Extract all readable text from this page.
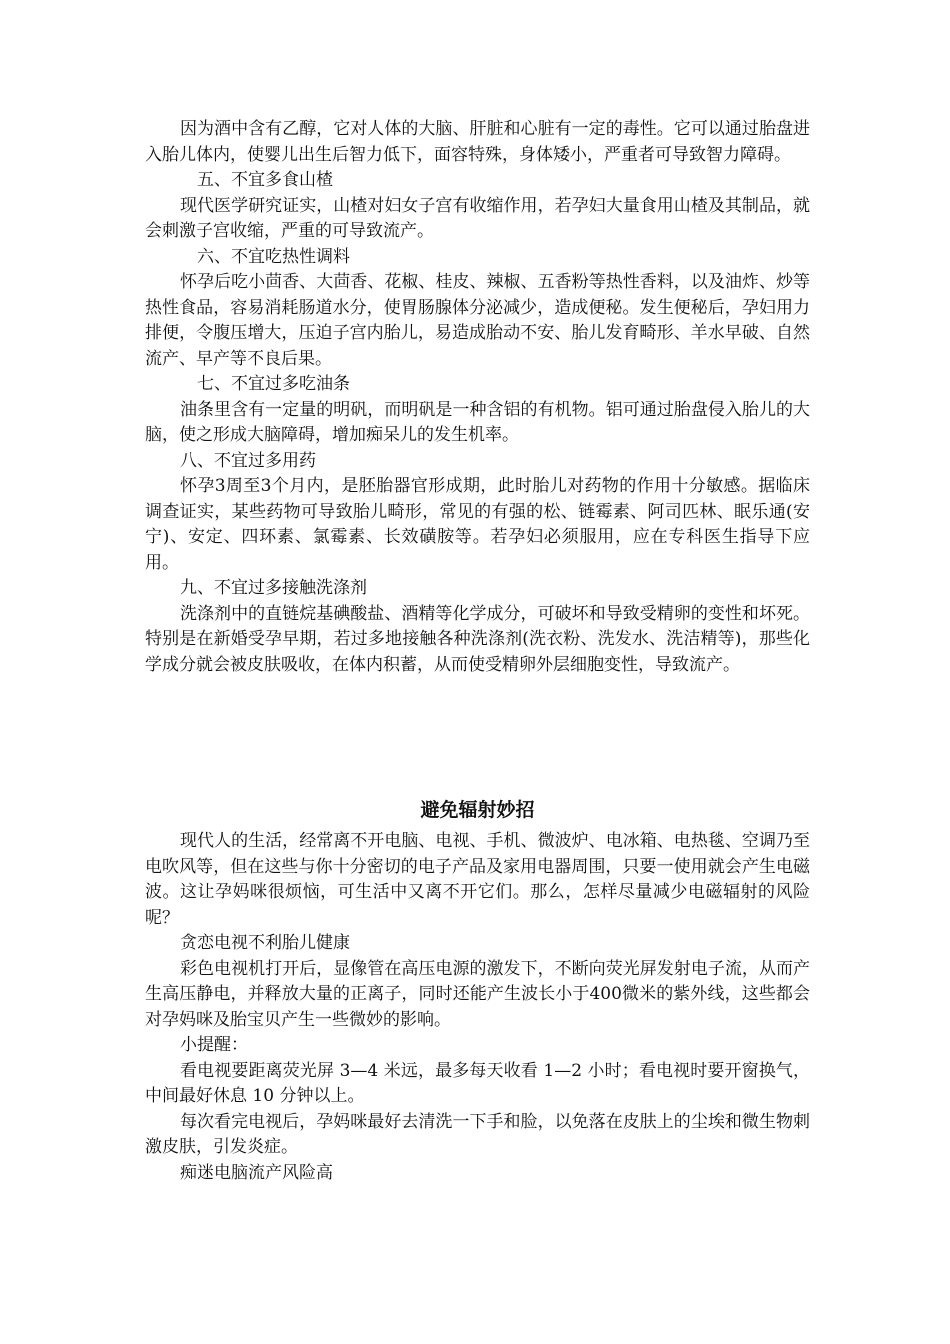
因为酒中含有乙醇，它对人体的大脑、肝脏和心脏有一定的毒性。它可以通过胎盘进入胎儿体内，使婴儿出生后智力低下，面容特殊，身体矮小，严重者可导致智力障碍。

五、不宜多食山楂

现代医学研究证实，山楂对妇女子宫有收缩作用，若孕妇大量食用山楂及其制品，就会刺激子宫收缩，严重的可导致流产。

六、不宜吃热性调料

怀孕后吃小茴香、大茴香、花椒、桂皮、辣椒、五香粉等热性香料，以及油炸、炒等热性食品，容易消耗肠道水分，使胃肠腺体分泌减少，造成便秘。发生便秘后，孕妇用力排便，令腹压增大，压迫子宫内胎儿，易造成胎动不安、胎儿发育畸形、羊水早破、自然流产、早产等不良后果。

七、不宜过多吃油条

油条里含有一定量的明矾，而明矾是一种含铝的有机物。铝可通过胎盘侵入胎儿的大脑，使之形成大脑障碍，增加痴呆儿的发生机率。

八、不宜过多用药

怀孕3周至3个月内，是胚胎器官形成期，此时胎儿对药物的作用十分敏感。据临床调查证实，某些药物可导致胎儿畸形，常见的有强的松、链霉素、阿司匹林、眠乐通(安宁)、安定、四环素、氯霉素、长效磺胺等。若孕妇必须服用，应在专科医生指导下应用。

九、不宜过多接触洗涤剂

洗涤剂中的直链烷基碘酸盐、酒精等化学成分，可破坏和导致受精卵的变性和坏死。特别是在新婚受孕早期，若过多地接触各种洗涤剂(洗衣粉、洗发水、洗洁精等)，那些化学成分就会被皮肤吸收，在体内积蓄，从而使受精卵外层细胞变性，导致流产。

避免辐射妙招

现代人的生活，经常离不开电脑、电视、手机、微波炉、电冰箱、电热毯、空调乃至电吹风等，但在这些与你十分密切的电子产品及家用电器周围，只要一使用就会产生电磁波。这让孕妈咪很烦恼，可生活中又离不开它们。那么，怎样尽量减少电磁辐射的风险呢？

贪恋电视不利胎儿健康

彩色电视机打开后，显像管在高压电源的激发下，不断向荧光屏发射电子流，从而产生高压静电，并释放大量的正离子，同时还能产生波长小于400微米的紫外线，这些都会对孕妈咪及胎宝贝产生一些微妙的影响。

小提醒：

看电视要距离荧光屏 3—4 米远，最多每天收看 1—2 小时；看电视时要开窗换气，中间最好休息 10 分钟以上。

每次看完电视后，孕妈咪最好去清洗一下手和脸，以免落在皮肤上的尘埃和微生物刺激皮肤，引发炎症。

痴迷电脑流产风险高
